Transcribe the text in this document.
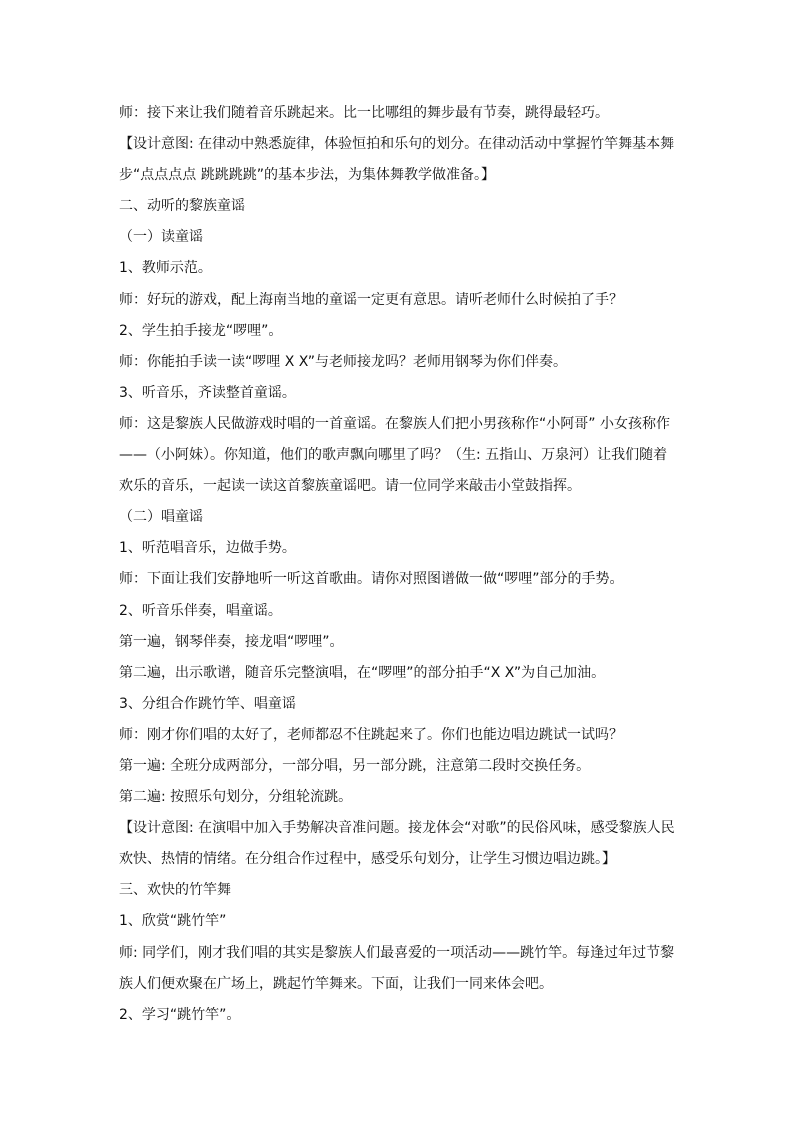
师：接下来让我们随着音乐跳起来。比一比哪组的舞步最有节奏，跳得最轻巧。
【设计意图: 在律动中熟悉旋律，体验恒拍和乐句的划分。在律动活动中掌握竹竿舞基本舞
步“点点点点 跳跳跳跳”的基本步法，为集体舞教学做准备。】
二、动听的黎族童谣
（一）读童谣
1、教师示范。
师：好玩的游戏，配上海南当地的童谣一定更有意思。请听老师什么时候拍了手？
2、学生拍手接龙“啰哩”。
师：你能拍手读一读“啰哩 X X”与老师接龙吗？老师用钢琴为你们伴奏。
3、听音乐，齐读整首童谣。
师：这是黎族人民做游戏时唱的一首童谣。在黎族人们把小男孩称作“小阿哥” 小女孩称作
——（小阿妹）。你知道，他们的歌声飘向哪里了吗？（生: 五指山、万泉河）让我们随着
欢乐的音乐，一起读一读这首黎族童谣吧。请一位同学来敲击小堂鼓指挥。
（二）唱童谣
1、听范唱音乐，边做手势。
师：下面让我们安静地听一听这首歌曲。请你对照图谱做一做“啰哩”部分的手势。
2、听音乐伴奏，唱童谣。
第一遍，钢琴伴奏，接龙唱“啰哩”。
第二遍，出示歌谱，随音乐完整演唱，在“啰哩”的部分拍手“X X”为自己加油。
3、分组合作跳竹竿、唱童谣
师：刚才你们唱的太好了，老师都忍不住跳起来了。你们也能边唱边跳试一试吗？
第一遍: 全班分成两部分，一部分唱，另一部分跳，注意第二段时交换任务。
第二遍: 按照乐句划分，分组轮流跳。
【设计意图: 在演唱中加入手势解决音准问题。接龙体会“对歌”的民俗风味，感受黎族人民
欢快、热情的情绪。在分组合作过程中，感受乐句划分，让学生习惯边唱边跳。】
三、欢快的竹竿舞
1、欣赏“跳竹竿”
师: 同学们，刚才我们唱的其实是黎族人们最喜爱的一项活动——跳竹竿。每逢过年过节黎
族人们便欢聚在广场上，跳起竹竿舞来。下面，让我们一同来体会吧。
2、学习“跳竹竿”。
